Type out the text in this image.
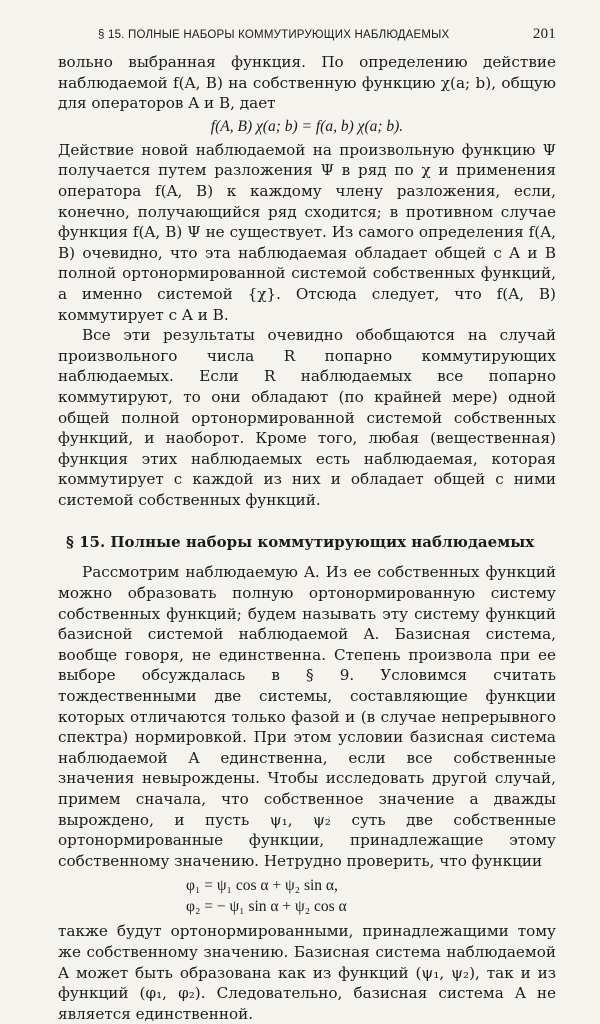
§ 15. ПОЛНЫЕ НАБОРЫ КОММУТИРУЮЩИХ НАБЛЮДАЕМЫХ	201

вольно выбранная функция. По определению действие наблюдаемой f(A, B) на собственную функцию χ(a; b), общую для операторов A и B, дает

f(A, B) χ(a; b) = f(a, b) χ(a; b).

Действие новой наблюдаемой на произвольную функцию Ψ получается путем разложения Ψ в ряд по χ и применения оператора f(A, B) к каждому члену разложения, если, конечно, получающийся ряд сходится; в противном случае функция f(A, B) Ψ не существует. Из самого определения f(A, B) очевидно, что эта наблюдаемая обладает общей с A и B полной ортонормированной системой собственных функций, а именно системой {χ}. Отсюда следует, что f(A, B) коммутирует с A и B.

Все эти результаты очевидно обобщаются на случай произвольного числа R попарно коммутирующих наблюдаемых. Если R наблюдаемых все попарно коммутируют, то они обладают (по крайней мере) одной общей полной ортонормированной системой собственных функций, и наоборот. Кроме того, любая (вещественная) функция этих наблюдаемых есть наблюдаемая, которая коммутирует с каждой из них и обладает общей с ними системой собственных функций.

§ 15. Полные наборы коммутирующих наблюдаемых

Рассмотрим наблюдаемую A. Из ее собственных функций можно образовать полную ортонормированную систему собственных функций; будем называть эту систему функций базисной системой наблюдаемой A. Базисная система, вообще говоря, не единственна. Степень произвола при ее выборе обсуждалась в § 9. Условимся считать тождественными две системы, составляющие функции которых отличаются только фазой и (в случае непрерывного спектра) нормировкой. При этом условии базисная система наблюдаемой A единственна, если все собственные значения невырождены. Чтобы исследовать другой случай, примем сначала, что собственное значение a дважды вырождено, и пусть ψ₁, ψ₂ суть две собственные ортонормированные функции, принадлежащие этому собственному значению. Нетрудно проверить, что функции

φ₁ = ψ₁ cos α + ψ₂ sin α,
φ₂ = − ψ₁ sin α + ψ₂ cos α

также будут ортонормированными, принадлежащими тому же собственному значению. Базисная система наблюдаемой A может быть образована как из функций (ψ₁, ψ₂), так и из функций (φ₁, φ₂). Следовательно, базисная система A не является единственной.
